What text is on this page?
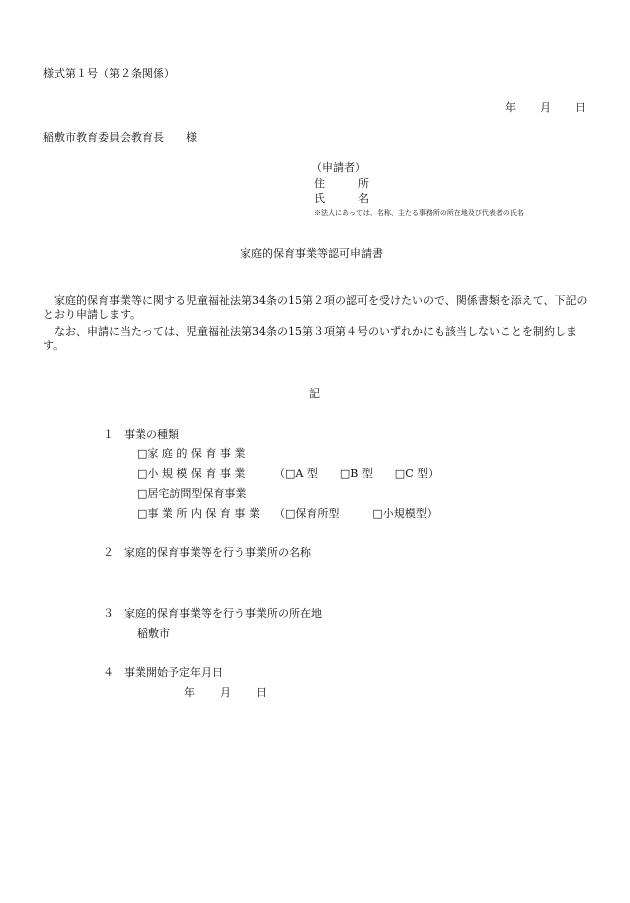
様式第１号（第２条関係）
年 月 日
稲敷市教育委員会教育長　　様
（申請者）
住　　　所
氏　　　名
※法人にあっては、名称、主たる事務所の所在地及び代表者の氏名
家庭的保育事業等認可申請書
家庭的保育事業等に関する児童福祉法第34条の15第２項の認可を受けたいので、関係書類を添えて、下記のとおり申請します。
なお、申請に当たっては、児童福祉法第34条の15第３項第４号のいずれかにも該当しないことを制約します。
記
１ 事業の種類
□家 庭 的 保 育 事 業
□小 規 模 保 育 事 業	（□A 型　　□B 型　　□C 型）
□居宅訪問型保育事業
□事 業 所 内 保 育 事 業 （□保育所型　　　□小規模型）
２ 家庭的保育事業等を行う事業所の名称
３ 家庭的保育事業等を行う事業所の所在地
稲敷市
４ 事業開始予定年月日
年 月 日
